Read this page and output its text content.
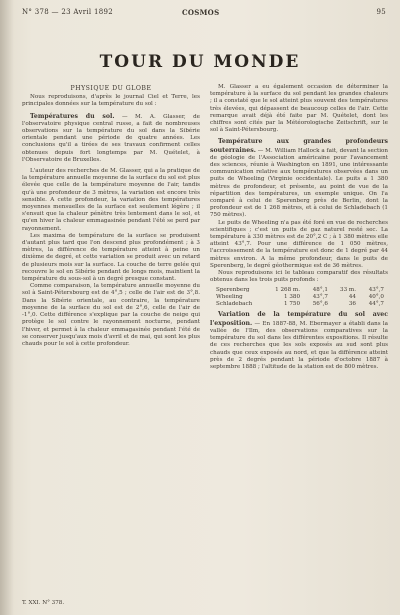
N° 378 — 23 Avril 1892	COSMOS	95
TOUR DU MONDE
PHYSIQUE DU GLOBE

Nous reproduisons, d'après le journal Ciel et Terre, les principales données sur la température du sol :

Températures du sol. — M. A. Glasser, de l'observatoire physique central russe, a fait de nombreuses observations sur la température du sol dans la Sibérie orientale pendant une période de quatre années. Les conclusions qu'il a tirées de ses travaux confirment celles obtenues depuis fort longtemps par M. Quételet, à l'Observatoire de Bruxelles.

L'auteur des recherches de M. Glasser, qui a la pratique de la température annuelle moyenne de la surface du sol est plus élevée que celle de la température moyenne de l'air, tandis qu'à une profondeur de 3 mètres, la variation est encore très sensible. A cette profondeur, la variation des températures moyennes mensuelles de la surface est seulement légère ; il s'ensuit que la chaleur pénètre très lentement dans le sol, et qu'en hiver la chaleur emmagasinée pendant l'été se perd par rayonnement.

Les maxima de température de la surface se produisent d'autant plus tard que l'on descend plus profondément ; à 3 mètres, la différence de température atteint à peine un dixième de degré, et cette variation se produit avec un retard de plusieurs mois sur la surface. La couche de terre gelée qui recouvre le sol en Sibérie pendant de longs mois, maintient la température du sous-sol à un degré presque constant.

Comme comparaison, la température annuelle moyenne du sol à Saint-Pétersbourg est de 4°,5 ; celle de l'air est de 3°,8. Dans la Sibérie orientale, au contraire, la température moyenne de la surface du sol est de 2°,6, celle de l'air de -1°,0. Cette différence s'explique par la couche de neige qui protège le sol contre le rayonnement nocturne, pendant l'hiver, et permet à la chaleur emmagasinée pendant l'été de se conserver jusqu'aux mois d'avril et de mai, qui sont les plus chauds pour le sol à cette profondeur.

M. Glasser a eu également occasion de déterminer la température à la surface du sol pendant les grandes chaleurs ; il a constaté que le sol atteint plus souvent des températures très élevées, qui dépassent de beaucoup celles de l'air. Cette remarque avait déjà été faite par M. Quételet, dont les chiffres sont cités par la Météorologische Zeitschrift, sur le sol à Saint-Pétersbourg.

Température aux grandes profondeurs souterraines. — M. William Hallock a fait, devant la section de géologie de l'Association américaine pour l'avancement des sciences, réunie à Washington en 1891, une intéressante communication relative aux températures observées dans un puits de Wheeling (Virginie occidentale). Le puits a 1 380 mètres de profondeur, et présente, au point de vue de la répartition des températures, un exemple unique. On l'a comparé à celui de Sperenberg près de Berlin, dont la profondeur est de 1 268 mètres, et à celui de Schladebach (1 750 mètres).

Le puits de Wheeling n'a pas été foré en vue de recherches scientifiques ; c'est un puits de gaz naturel resté sec. La température à 330 mètres est de 20°,2 C ; à 1 380 mètres elle atteint 43°,7. Pour une différence de 1 050 mètres, l'accroissement de la température est donc de 1 degré par 44 mètres environ. A la même profondeur, dans le puits de Sperenberg, le degré géothermique est de 36 mètres.

Nous reproduisons ici le tableau comparatif des résultats obtenus dans les trois puits profonds :

Sperenberg	1 268 m.	48°,1	33 m.	43°,7
Wheeling	1 380	43°,7	44	40°,0
Schladebach	1 750	56°,6	36	44°,7

Variation de la température du sol avec l'exposition. — En 1887-88, M. Ebermayer a établi dans la vallée de l'Ilm, des observations comparatives sur la température du sol dans les différentes expositions. Il résulte de ces recherches que les sols exposés au sud sont plus chauds que ceux exposés au nord, et que la différence atteint près de 2 degrés pendant la période d'octobre 1887 à septembre 1888 ; l'altitude de la station est de 800 mètres.

T. XXI. N° 378.
